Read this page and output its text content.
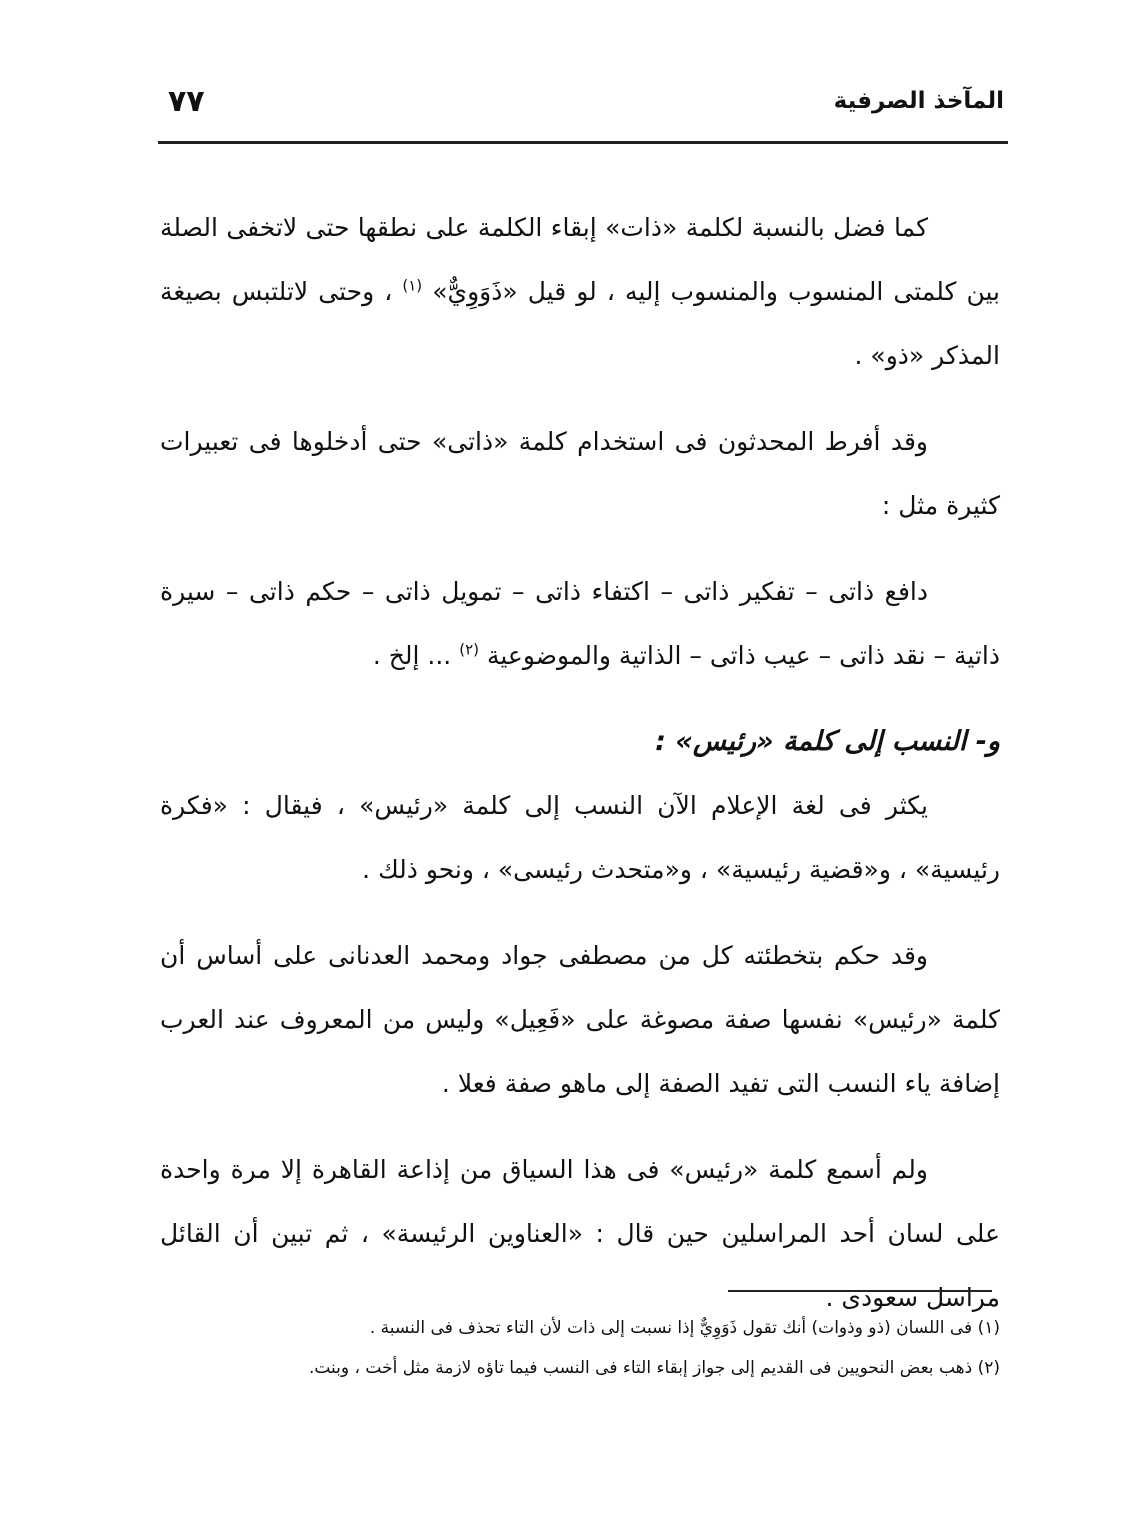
المآخذ الصرفية
٧٧

كما فضل بالنسبة لكلمة «ذات» إبقاء الكلمة على نطقها حتى لاتخفى الصلة بين كلمتى المنسوب والمنسوب إليه ، لو قيل «ذَوَوِيٌّ» $^{(١)}$ ، وحتى لاتلتبس بصيغة المذكر «ذو» .

وقد أفرط المحدثون فى استخدام كلمة «ذاتى» حتى أدخلوها فى تعبيرات كثيرة مثل :

دافع ذاتى – تفكير ذاتى – اكتفاء ذاتى – تمويل ذاتى – حكم ذاتى – سيرة ذاتية – نقد ذاتى – عيب ذاتى – الذاتية والموضوعية $^{(٢)}$ ... إلخ .

و- النسب إلى كلمة «رئيس» :

يكثر فى لغة الإعلام الآن النسب إلى كلمة «رئيس» ، فيقال : «فكرة رئيسية» ، و«قضية رئيسية» ، و«متحدث رئيسى» ، ونحو ذلك .

وقد حكم بتخطئته كل من مصطفى جواد ومحمد العدنانى على أساس أن كلمة «رئيس» نفسها صفة مصوغة على «فَعِيل» وليس من المعروف عند العرب إضافة ياء النسب التى تفيد الصفة إلى ماهو صفة فعلا .

ولم أسمع كلمة «رئيس» فى هذا السياق من إذاعة القاهرة إلا مرة واحدة على لسان أحد المراسلين حين قال : «العناوين الرئيسة» ، ثم تبين أن القائل مراسل سعودى .

(١) فى اللسان (ذو وذوات) أنك تقول ذَوَوِيٌّ إذا نسبت إلى ذات لأن التاء تحذف فى النسبة .

(٢) ذهب بعض النحويين فى القديم إلى جواز إبقاء التاء فى النسب فيما تاؤه لازمة مثل أخت ، وبنت.
